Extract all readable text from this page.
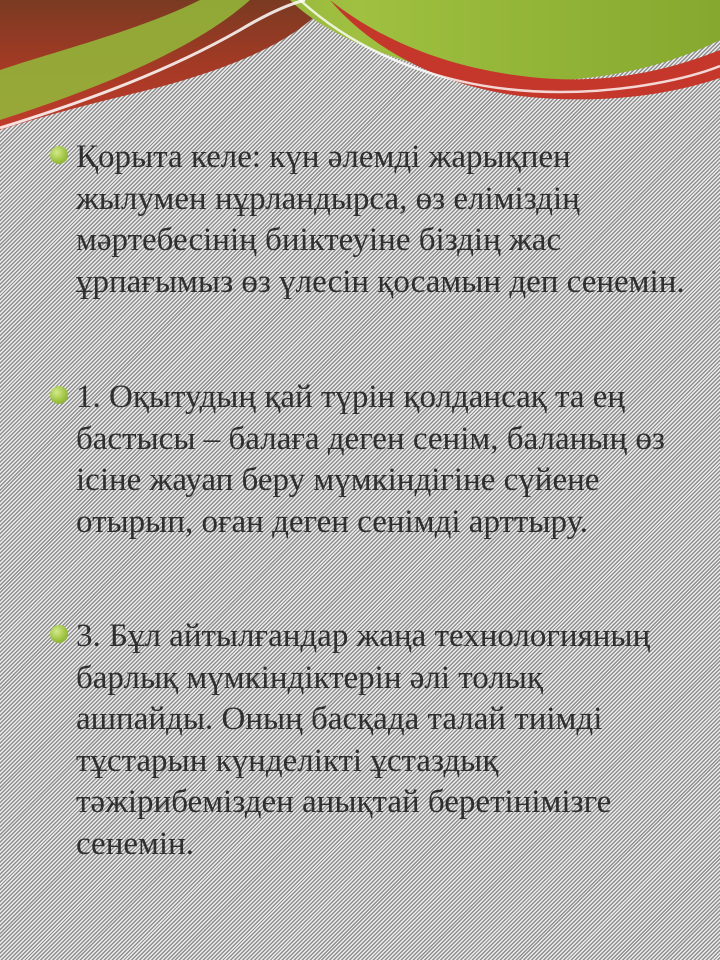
Қорыта келе: күн әлемді жарықпен жылумен нұрландырса, өз еліміздің мәртебесінің биіктеуіне біздің жас ұрпағымыз өз үлесін қосамын деп сенемін.

1. Оқытудың қай түрін қолдансақ та ең бастысы – балаға деген сенім, баланың өз ісіне жауап беру мүмкіндігіне сүйене отырып, оған деген сенімді арттыру.

3. Бұл айтылғандар жаңа технологияның барлық мүмкіндіктерін әлі толық ашпайды. Оның басқада талай тиімді тұстарын күнделікті ұстаздық тәжірибемізден анықтай беретінімізге сенемін.
